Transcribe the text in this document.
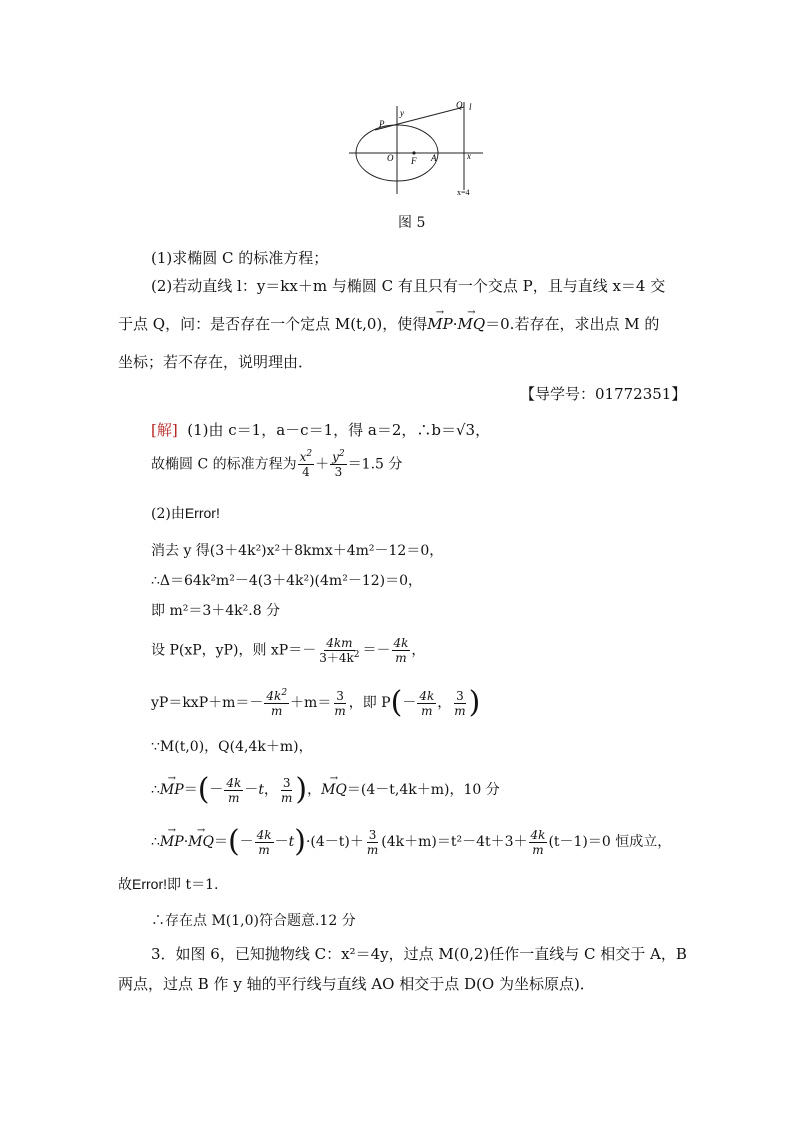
P
Q l
y
x
O F A
x=4
图 5
(1)求椭圆 C 的标准方程；
(2)若动直线 l：y＝kx＋m 与椭圆 C 有且只有一个交点 P，且与直线 x＝4 交
于点 Q，问：是否存在一个定点 M(t,0)，使得→ MP·→ MQ＝0.若存在，求出点 M 的
坐标；若不存在，说明理由．
【导学号：01772351】
[解] (1)由 c＝1，a－c＝1，得 a＝2，∴b＝√3，
故椭圆 C 的标准方程为 $\frac{x^2}{4} + \frac{y^2}{3} =1.5$ 分
(2)由Error!
消去 y 得(3＋4k²)x²＋8kmx＋4m²－12＝0，
∴Δ＝64k²m²－4(3＋4k²)(4m²－12)＝0，
即 m²＝3＋4k².8 分
设 P(xP，yP)，则 $xP=- \frac{4km}{3+4k^2} =- \frac{4k}{m}$ ，
$yP=kxP+m=- \frac{4k^2}{m} +m= \frac{3}{m}$ ，即 $P(- \frac{4k}{m}$ ， $\frac{3}{m}$ )
∵M(t,0)，Q(4,4k＋m)，
∴→ $MP=(- \frac{4k}{m} -t$， $\frac{3}{m}$ )，→ MQ＝(4－t,4k＋m)，10 分
∴→ $MP\cdot\to MQ=(- \frac{4k}{m} -t)\cdot(4-t)+ \frac{3}{m} (4k+m)=t^2-4t+3+ \frac{4k}{m} (t-1)=0$ 恒成立，
故Error!即 t＝1.
∴存在点 M(1,0)符合题意.12 分
3．如图 6，已知抛物线 C：x²＝4y，过点 M(0,2)任作一直线与 C 相交于 A，B
两点，过点 B 作 y 轴的平行线与直线 AO 相交于点 D(O 为坐标原点)．
